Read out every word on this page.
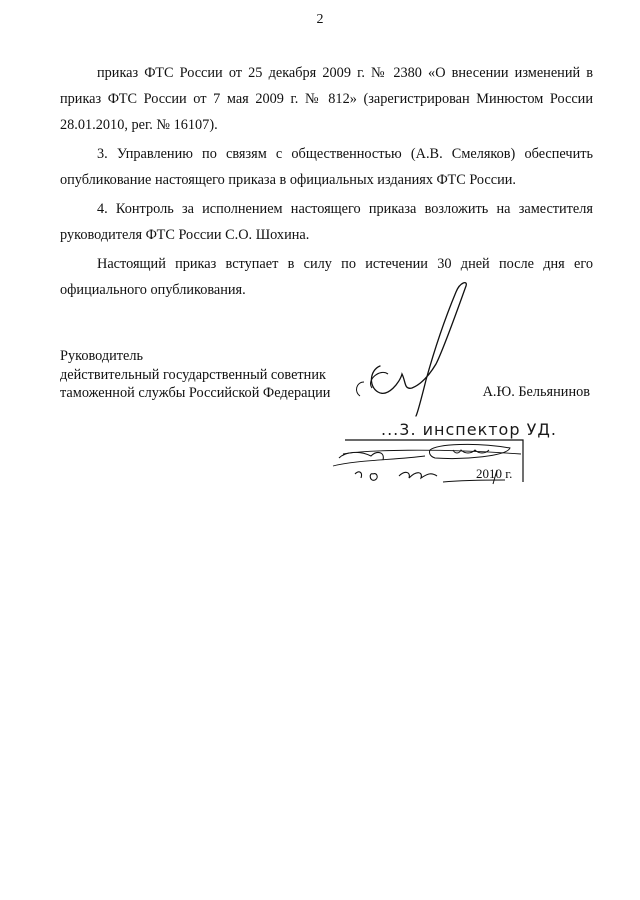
2

приказ ФТС России от 25 декабря 2009 г. № 2380 «О внесении изменений в приказ ФТС России от 7 мая 2009 г. № 812» (зарегистрирован Минюстом России 28.01.2010, рег. № 16107).

3. Управлению по связям с общественностью (А.В. Смеляков) обеспечить опубликование настоящего приказа в официальных изданиях ФТС России.

4. Контроль за исполнением настоящего приказа возложить на заместителя руководителя ФТС России С.О. Шохина.

Настоящий приказ вступает в силу по истечении 30 дней после дня его официального опубликования.

Руководитель
действительный государственный советник
таможенной службы Российской Федерации	А.Ю. Бельянинов
...3. инспектор УД.
2010 г.
